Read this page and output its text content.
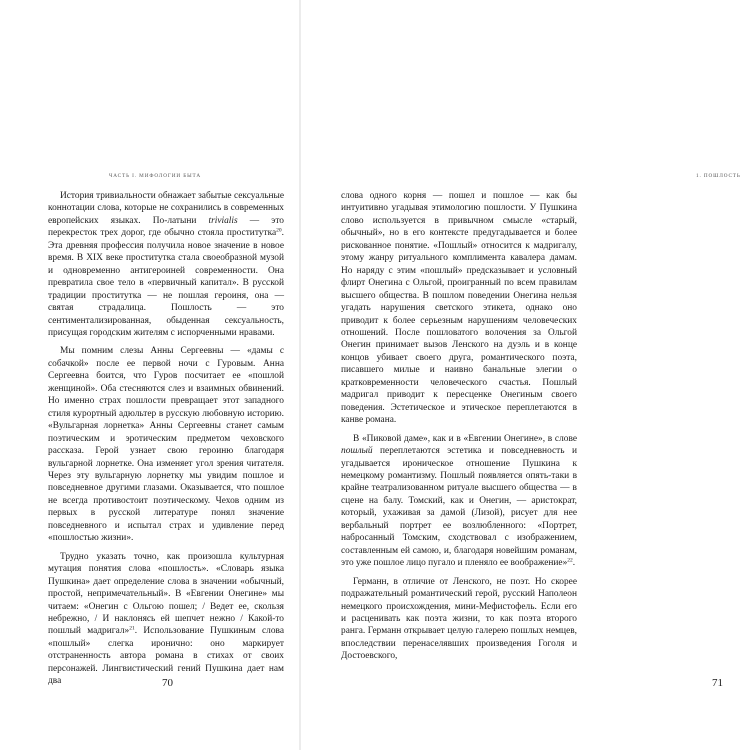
ЧАСТЬ I. МИФОЛОГИИ БЫТА

История тривиальности обнажает забытые сексуальные коннотации слова, которые не сохранились в современных европейских языках. По-латыни trivialis — это перекресток трех дорог, где обычно стояла проститутка$^{20}$. Эта древняя профессия получила новое значение в новое время. В XIX веке проститутка стала своеобразной музой и одновременно антигероиней современности. Она превратила свое тело в «первичный капитал». В русской традиции проститутка — не пошлая героиня, она — святая страдалица. Пошлость — это сентиментализированная, обыденная сексуальность, присущая городским жителям с испорченными нравами.

Мы помним слезы Анны Сергеевны — «дамы с собачкой» после ее первой ночи с Гуровым. Анна Сергеевна боится, что Гуров посчитает ее «пошлой женщиной». Оба стесняются слез и взаимных обвинений. Но именно страх пошлости превращает этот западного стиля курортный адюльтер в русскую любовную историю. «Вульгарная лорнетка» Анны Сергеевны станет самым поэтическим и эротическим предметом чеховского рассказа. Герой узнает свою героиню благодаря вульгарной лорнетке. Она изменяет угол зрения читателя. Через эту вульгарную лорнетку мы увидим пошлое и повседневное другими глазами. Оказывается, что пошлое не всегда противостоит поэтическому. Чехов одним из первых в русской литературе понял значение повседневного и испытал страх и удивление перед «пошлостью жизни».

Трудно указать точно, как произошла культурная мутация понятия слова «пошлость». «Словарь языка Пушкина» дает определение слова в значении «обычный, простой, непримечательный». В «Евгении Онегине» мы читаем: «Онегин с Ольгою пошел; / Ведет ее, скользя небрежно, / И наклонясь ей шепчет нежно / Какой-то пошлый мадригал»$^{21}$. Использование Пушкиным слова «пошлый» слегка иронично: оно маркирует отстраненность автора романа в стихах от своих персонажей. Лингвистический гений Пушкина дает нам два	70
1. ПОШЛОСТЬ

слова одного корня — пошел и пошлое — как бы интуитивно угадывая этимологию пошлости. У Пушкина слово используется в привычном смысле «старый, обычный», но в его контексте предугадывается и более рискованное понятие. «Пошлый» относится к мадригалу, этому жанру ритуального комплимента кавалера дамам. Но наряду с этим «пошлый» предсказывает и условный флирт Онегина с Ольгой, проигранный по всем правилам высшего общества. В пошлом поведении Онегина нельзя угадать нарушения светского этикета, однако оно приводит к более серьезным нарушениям человеческих отношений. После пошловатого волочения за Ольгой Онегин принимает вызов Ленского на дуэль и в конце концов убивает своего друга, романтического поэта, писавшего милые и наивно банальные элегии о кратковременности человеческого счастья. Пошлый мадригал приводит к пересценке Онегиным своего поведения. Эстетическое и этическое переплетаются в канве романа.

В «Пиковой даме», как и в «Евгении Онегине», в слове пошлый переплетаются эстетика и повседневность и угадывается ироническое отношение Пушкина к немецкому романтизму. Пошлый появляется опять-таки в крайне театрализованном ритуале высшего общества — в сцене на балу. Томский, как и Онегин, — аристократ, который, ухаживая за дамой (Лизой), рисует для нее вербальный портрет ее возлюбленного: «Портрет, набросанный Томским, сходствовал с изображением, составленным ей самою, и, благодаря новейшим романам, это уже пошлое лицо пугало и пленяло ее воображение»$^{22}$.

Германн, в отличие от Ленского, не поэт. Но скорее подражательный романтический герой, русский Наполеон немецкого происхождения, мини-Мефистофель. Если его и расценивать как поэта жизни, то как поэта второго ранга. Германн открывает целую галерею пошлых немцев, впоследствии перенаселявших произведения Гоголя и Достоевского,

71
